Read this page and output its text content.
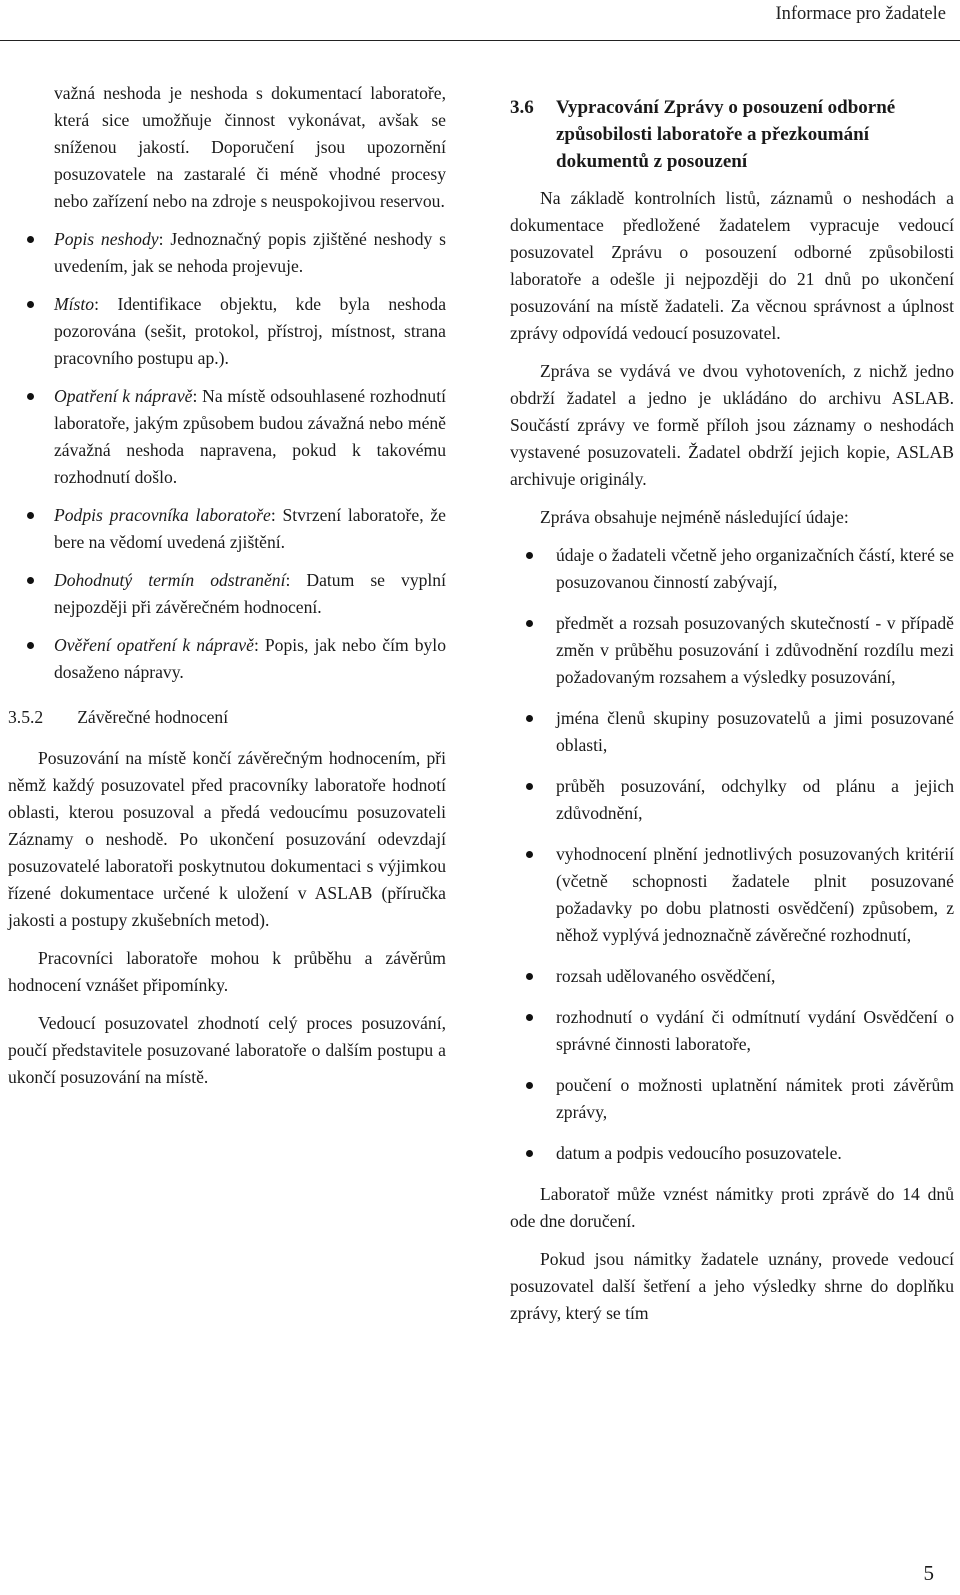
Informace pro žadatele

važná neshoda je neshoda s dokumentací laboratoře, která sice umožňuje činnost vykonávat, avšak se sníženou jakostí. Doporučení jsou upozornění posuzovatele na zastaralé či méně vhodné procesy nebo zařízení nebo na zdroje s neuspokojivou reservou.

Popis neshody: Jednoznačný popis zjištěné neshody s uvedením, jak se nehoda projevuje.
Místo: Identifikace objektu, kde byla neshoda pozorována (sešit, protokol, přístroj, místnost, strana pracovního postupu ap.).
Opatření k nápravě: Na místě odsouhlasené rozhodnutí laboratoře, jakým způsobem budou závažná nebo méně závažná neshoda napravena, pokud k takovému rozhodnutí došlo.
Podpis pracovníka laboratoře: Stvrzení laboratoře, že bere na vědomí uvedená zjištění.
Dohodnutý termín odstranění: Datum se vyplní nejpozději při závěrečném hodnocení.
Ověření opatření k nápravě: Popis, jak nebo čím bylo dosaženo nápravy.
3.5.2 Závěrečné hodnocení

Posuzování na místě končí závěrečným hodnocením, při němž každý posuzovatel před pracovníky laboratoře hodnotí oblasti, kterou posuzoval a předá vedoucímu posuzovateli Záznamy o neshodě. Po ukončení posuzování odevzdají posuzovatelé laboratoři poskytnutou dokumentaci s výjimkou řízené dokumentace určené k uložení v ASLAB (příručka jakosti a postupy zkušebních metod).

Pracovníci laboratoře mohou k průběhu a závěrům hodnocení vznášet připomínky.

Vedoucí posuzovatel zhodnotí celý proces posuzování, poučí představitele posuzované laboratoře o dalším postupu a ukončí posuzování na místě.

3.6	Vypracování Zprávy o posouzení odborné způsobilosti laboratoře a přezkoumání dokumentů z posouzení

Na základě kontrolních listů, záznamů o neshodách a dokumentace předložené žadatelem vypracuje vedoucí posuzovatel Zprávu o posouzení odborné způsobilosti laboratoře a odešle ji nejpozději do 21 dnů po ukončení posuzování na místě žadateli. Za věcnou správnost a úplnost zprávy odpovídá vedoucí posuzovatel.

Zpráva se vydává ve dvou vyhotoveních, z nichž jedno obdrží žadatel a jedno je ukládáno do archivu ASLAB. Součástí zprávy ve formě příloh jsou záznamy o neshodách vystavené posuzovateli. Žadatel obdrží jejich kopie, ASLAB archivuje originály.

Zpráva obsahuje nejméně následující údaje:

údaje o žadateli včetně jeho organizačních částí, které se posuzovanou činností zabývají,
předmět a rozsah posuzovaných skutečností - v případě změn v průběhu posuzování i zdůvodnění rozdílu mezi požadovaným rozsahem a výsledky posuzování,
jména členů skupiny posuzovatelů a jimi posuzované oblasti,
průběh posuzování, odchylky od plánu a jejich zdůvodnění,
vyhodnocení plnění jednotlivých posuzovaných kritérií (včetně schopnosti žadatele plnit posuzované požadavky po dobu platnosti osvědčení) způsobem, z něhož vyplývá jednoznačně závěrečné rozhodnutí,
rozsah udělovaného osvědčení,
rozhodnutí o vydání či odmítnutí vydání Osvědčení o správné činnosti laboratoře,
poučení o možnosti uplatnění námitek proti závěrům zprávy,
datum a podpis vedoucího posuzovatele.

Laboratoř může vznést námitky proti zprávě do 14 dnů ode dne doručení.

Pokud jsou námitky žadatele uznány, provede vedoucí posuzovatel další šetření a jeho výsledky shrne do doplňku zprávy, který se tím

5
